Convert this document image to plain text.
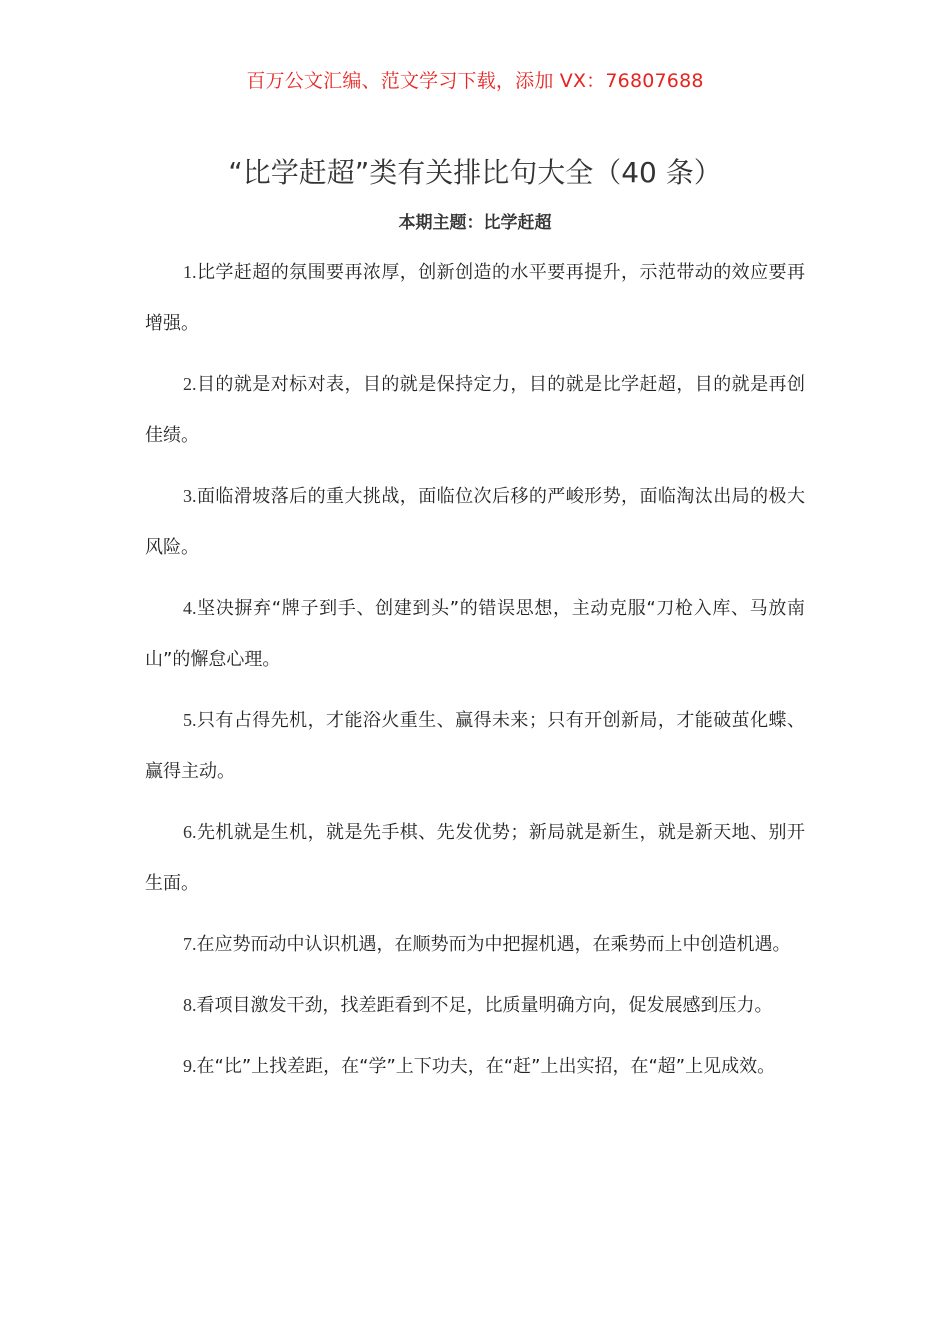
百万公文汇编、范文学习下载，添加 VX：76807688
“比学赶超”类有关排比句大全（40 条）
本期主题：比学赶超

1.比学赶超的氛围要再浓厚，创新创造的水平要再提升，示范带动的效应要再增强。

2.目的就是对标对表，目的就是保持定力，目的就是比学赶超，目的就是再创佳绩。

3.面临滑坡落后的重大挑战，面临位次后移的严峻形势，面临淘汰出局的极大风险。

4.坚决摒弃“牌子到手、创建到头”的错误思想，主动克服“刀枪入库、马放南山”的懈怠心理。

5.只有占得先机，才能浴火重生、赢得未来；只有开创新局，才能破茧化蝶、赢得主动。

6.先机就是生机，就是先手棋、先发优势；新局就是新生，就是新天地、别开生面。

7.在应势而动中认识机遇，在顺势而为中把握机遇，在乘势而上中创造机遇。

8.看项目激发干劲，找差距看到不足，比质量明确方向，促发展感到压力。

9.在“比”上找差距，在“学”上下功夫，在“赶”上出实招，在“超”上见成效。
